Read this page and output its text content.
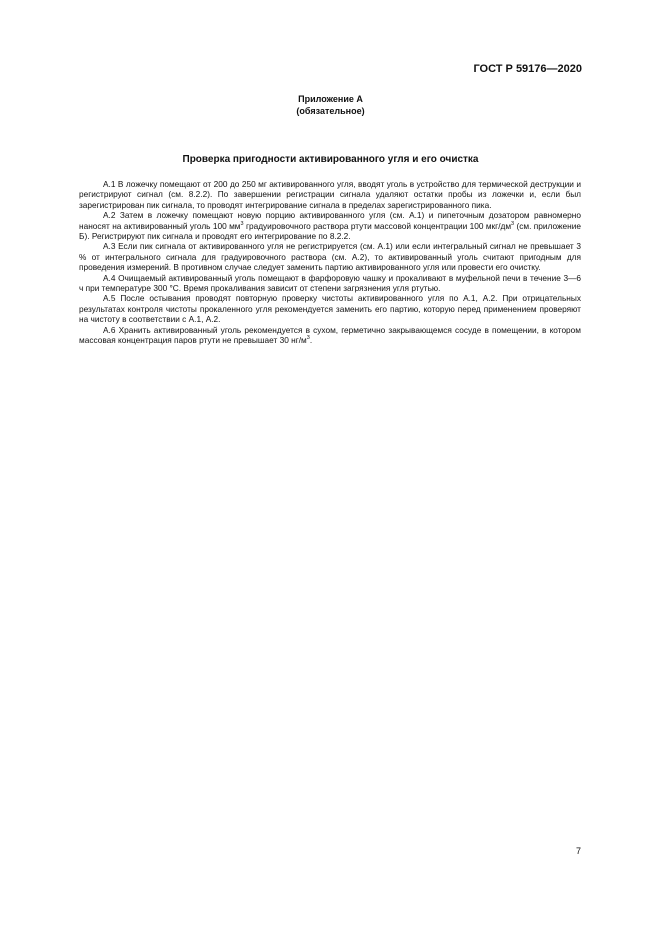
ГОСТ Р 59176—2020
Приложение А
(обязательное)
Проверка пригодности активированного угля и его очистка

А.1 В ложечку помещают от 200 до 250 мг активированного угля, вводят уголь в устройство для термической деструкции и регистрируют сигнал (см. 8.2.2). По завершении регистрации сигнала удаляют остатки пробы из ложечки и, если был зарегистрирован пик сигнала, то проводят интегрирование сигнала в пределах зарегистрированного пика.

А.2 Затем в ложечку помещают новую порцию активированного угля (см. А.1) и пипеточным дозатором равномерно наносят на активированный уголь 100 $мм^3$ градуировочного раствора ртути массовой концентрации 100 мкг/$дм^3$ (см. приложение Б). Регистрируют пик сигнала и проводят его интегрирование по 8.2.2.

А.3 Если пик сигнала от активированного угля не регистрируется (см. А.1) или если интегральный сигнал не превышает 3 % от интегрального сигнала для градуировочного раствора (см. А.2), то активированный уголь считают пригодным для проведения измерений. В противном случае следует заменить партию активированного угля или провести его очистку.

А.4 Очищаемый активированный уголь помещают в фарфоровую чашку и прокаливают в муфельной печи в течение 3—6 ч при температуре 300 °С. Время прокаливания зависит от степени загрязнения угля ртутью.

А.5 После остывания проводят повторную проверку чистоты активированного угля по А.1, А.2. При отрицательных результатах контроля чистоты прокаленного угля рекомендуется заменить его партию, которую перед применением проверяют на чистоту в соответствии с А.1, А.2.

А.6 Хранить активированный уголь рекомендуется в сухом, герметично закрывающемся сосуде в помещении, в котором массовая концентрация паров ртути не превышает 30 $нг/м^3$.

7
